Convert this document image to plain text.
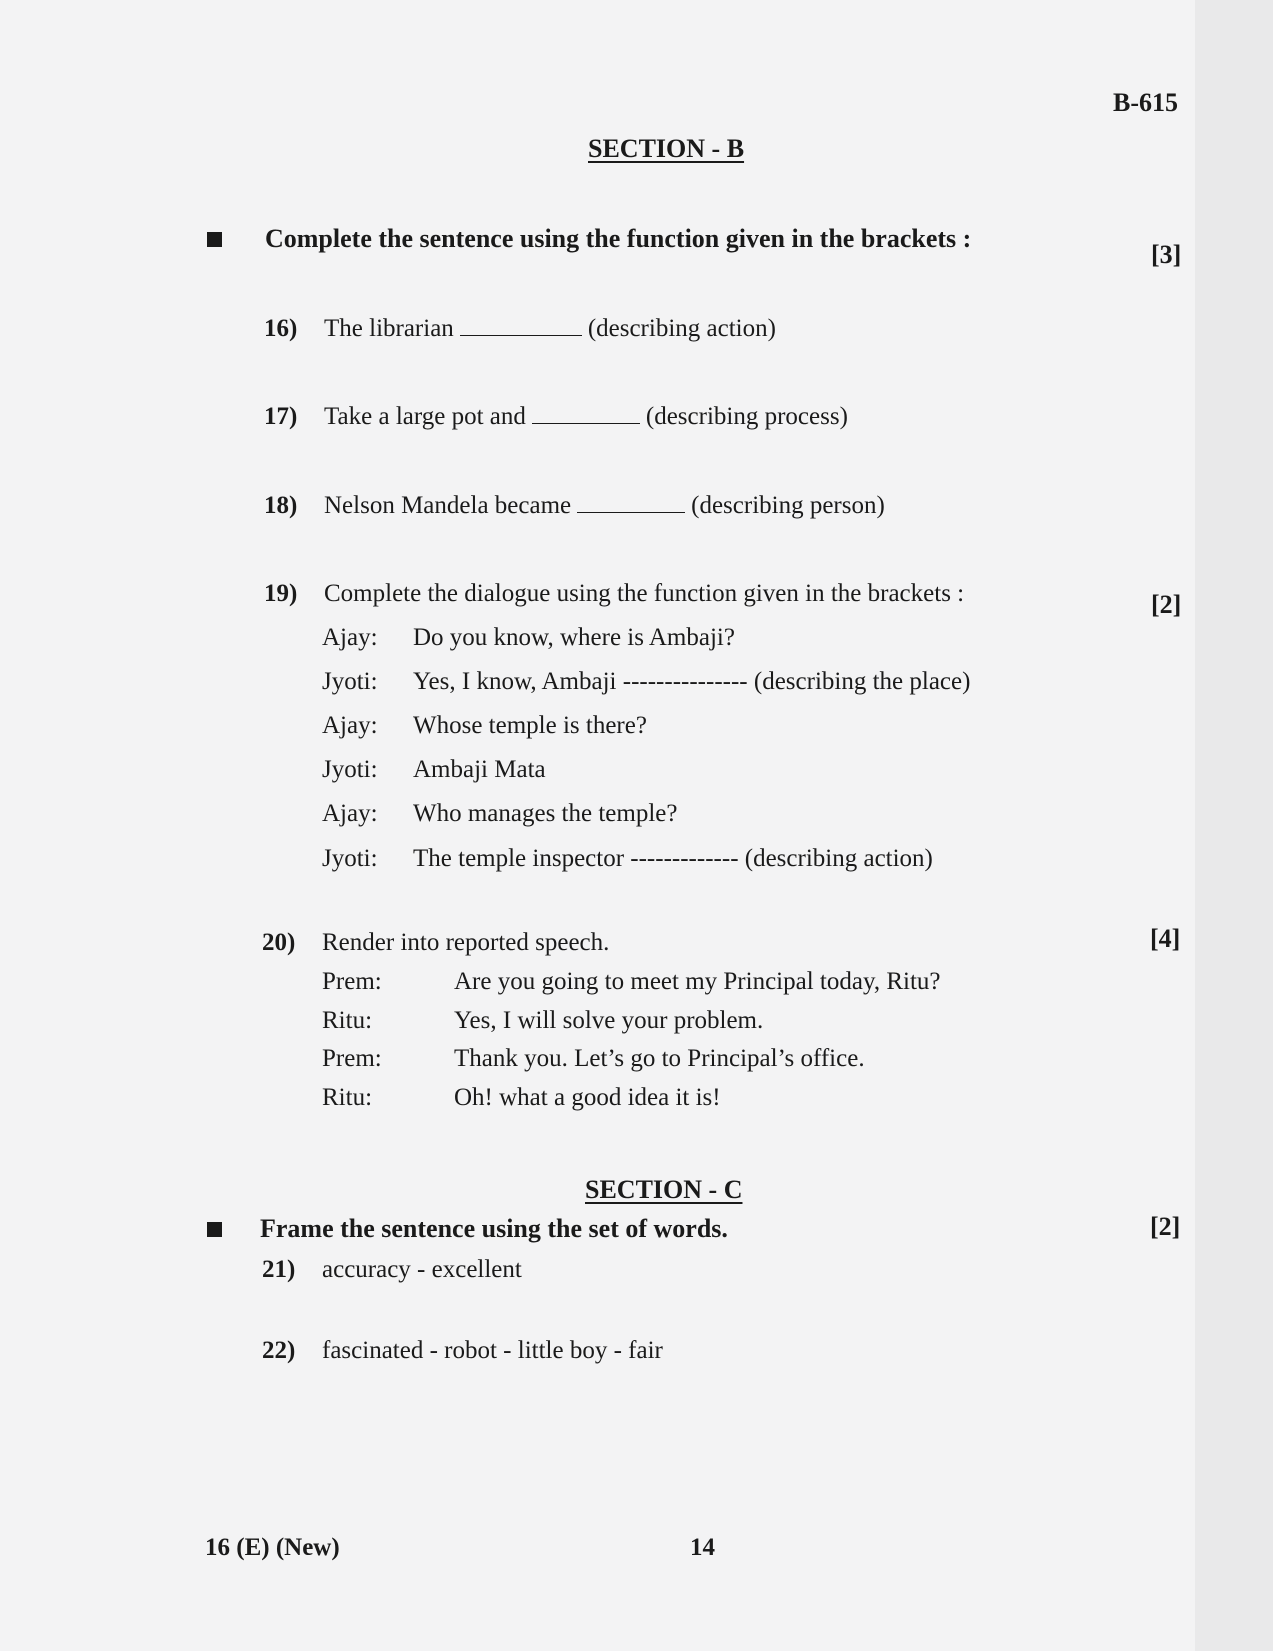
B-615
SECTION - B
Complete the sentence using the function given in the brackets :
[3]
16) The librarian	(describing action)
17) Take a large pot and	(describing process)
18) Nelson Mandela became	(describing person)
19) Complete the dialogue using the function given in the brackets :	[2]
Ajay: Do you know, where is Ambaji?
Jyoti: Yes, I know, Ambaji --------------- (describing the place)
Ajay: Whose temple is there?
Jyoti: Ambaji Mata
Ajay: Who manages the temple?
Jyoti: The temple inspector ------------- (describing action)
20) Render into reported speech.	[4]
Prem:	Are you going to meet my Principal today, Ritu?
Ritu:	Yes, I will solve your problem.
Prem:	Thank you. Let’s go to Principal’s office.
Ritu:	Oh! what a good idea it is!
SECTION - C
Frame the sentence using the set of words.	[2]
21) accuracy - excellent
22) fascinated - robot - little boy - fair
16 (E) (New)	14
